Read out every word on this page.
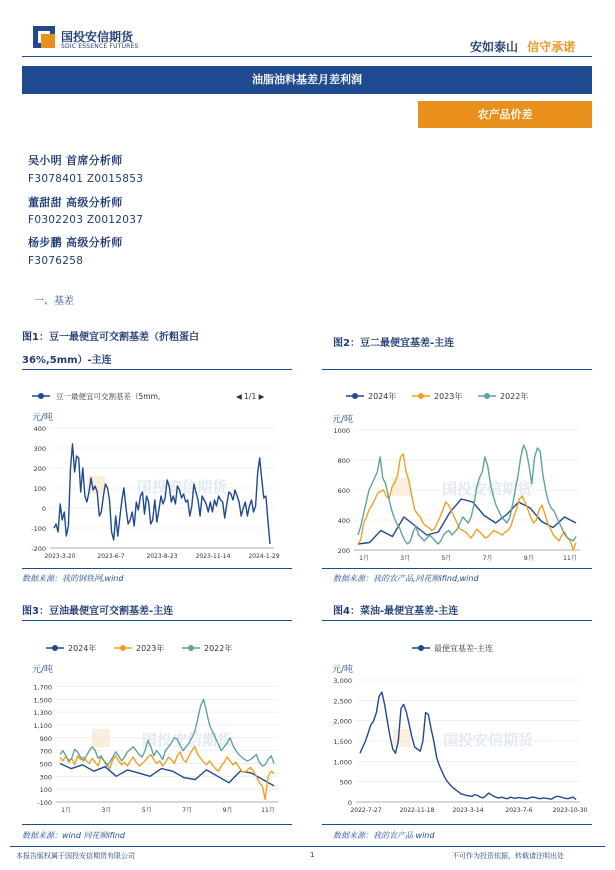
国投安信期货
SDIC ESSENCE FUTURES	安如泰山 信守承诺
油脂油料基差月差利润
农产品价差
吴小明 首席分析师
F3078401 Z0015853
董甜甜 高级分析师
F0302203 Z0012037
杨步鹏 高级分析师
F3076258
一、基差
图1：豆一最便宜可交割基差（折粗蛋白
36%,5mm）-主连
图2：豆二最便宜基差-主连
国投安信期货
元/吨
-200
-100
0
100
200
300
400
2023-3-20	2023-6-7	2023-8-23	2023-11-14	2024-1-29
豆一最便宜可交割基差（5mm,	◀ 1/1 ▶
国投安信期货
元/吨
200
400
600
800
1000
1月	3月	5月	7月	9月	11月
2024年	2023年	2022年
数据来源：我的钢铁网,wind	数据来源：我的农产品,同花顺ifind,wind
图3：豆油最便宜可交割基差-主连	图4：菜油-最便宜基差-主连
国投安信期货
元/吨
-100
100
300
500
700
900
1,100
1,300
1,500
1,700
1月	3月	5月	7月	9月	11月
2024年	2023年	2022年
国投安信期货
元/吨
0
500
1,000
1,500
2,000
2,500
3,000
2022-7-27	2022-11-18	2023-3-14	2023-7-6	2023-10-30
最便宜基差-主连
数据来源：wind 同花顺ifind	数据来源：我的农产品 wind
本报告版权属于国投安信期货有限公司	1	不可作为投资依据，转载请注明出处
